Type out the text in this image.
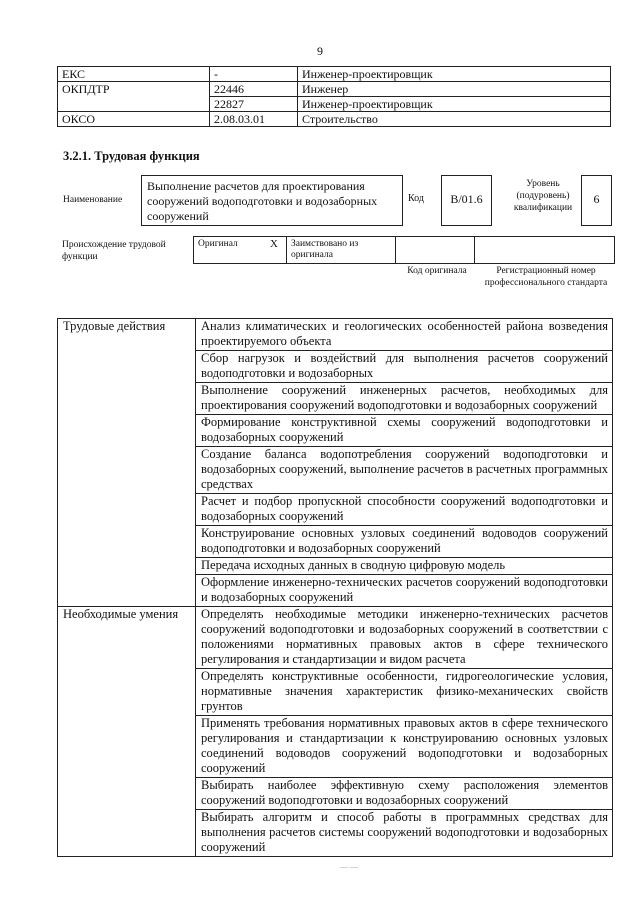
9
ЕКС	-	Инженер-проектировщик
ОКПДТР	22446	Инженер
	22827	Инженер-проектировщик
ОКСО	2.08.03.01	Строительство
3.2.1. Трудовая функция
Наименование
Выполнение расчетов для проектирования сооружений водоподготовки и водозаборных сооружений
Код	B/01.6
Уровень (подуровень) квалификации
6
Происхождение трудовой функции
Оригинал	X	Заимствовано из оригинала		
Код оригинала	Регистрационный номер профессионального стандарта
Трудовые действия	Анализ климатических и геологических особенностей района возведения проектируемого объекта
	Сбор нагрузок и воздействий для выполнения расчетов сооружений водоподготовки и водозаборных
	Выполнение сооружений инженерных расчетов, необходимых для проектирования сооружений водоподготовки и водозаборных сооружений
	Формирование конструктивной схемы сооружений водоподготовки и водозаборных сооружений
	Создание баланса водопотребления сооружений водоподготовки и водозаборных сооружений, выполнение расчетов в расчетных программных средствах
	Расчет и подбор пропускной способности сооружений водоподготовки и водозаборных сооружений
	Конструирование основных узловых соединений водоводов сооружений водоподготовки и водозаборных сооружений
	Передача исходных данных в сводную цифровую модель
	Оформление инженерно-технических расчетов сооружений водоподготовки и водозаборных сооружений
Необходимые умения	Определять необходимые методики инженерно-технических расчетов сооружений водоподготовки и водозаборных сооружений в соответствии с положениями нормативных правовых актов в сфере технического регулирования и стандартизации и видом расчета
	Определять конструктивные особенности, гидрогеологические условия, нормативные значения характеристик физико-механических свойств грунтов
	Применять требования нормативных правовых актов в сфере технического регулирования и стандартизации к конструированию основных узловых соединений водоводов сооружений водоподготовки и водозаборных сооружений
	Выбирать наиболее эффективную схему расположения элементов сооружений водоподготовки и водозаборных сооружений
	Выбирать алгоритм и способ работы в программных средствах для выполнения расчетов системы сооружений водоподготовки и водозаборных сооружений
— —
